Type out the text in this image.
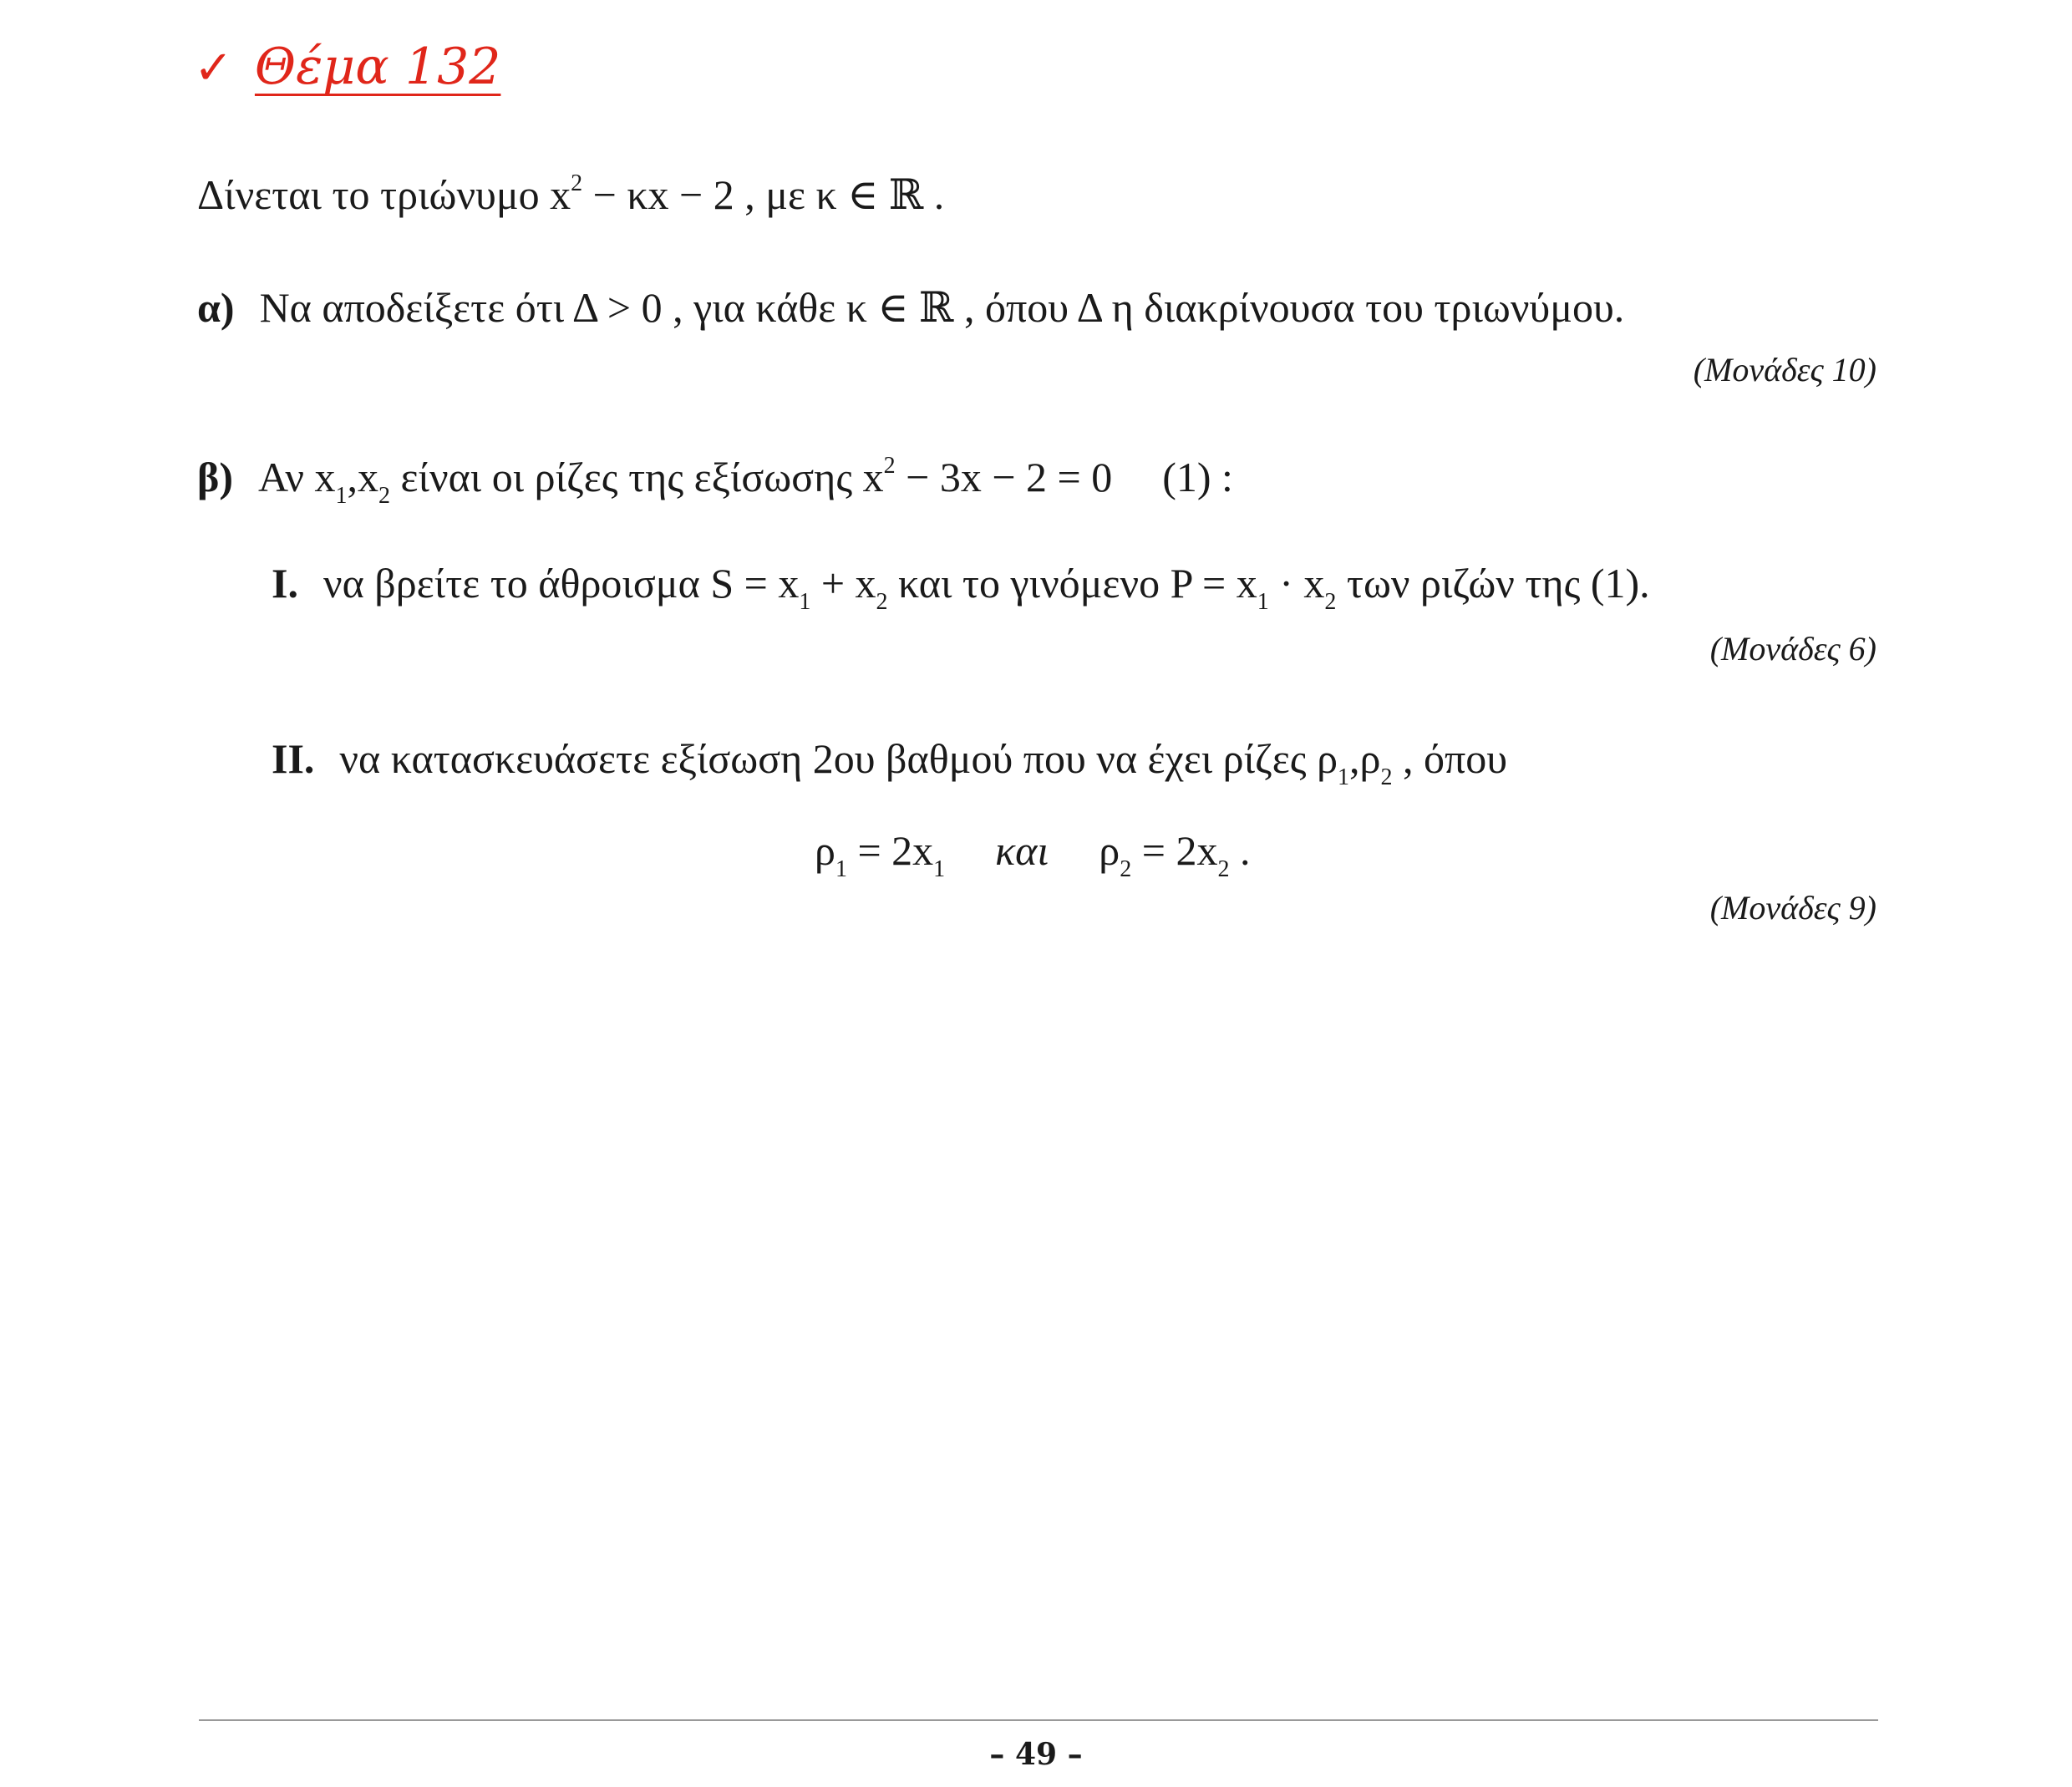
✓ Θέμα 132
Δίνεται το τριώνυμο $x^2 - \kappa x - 2$ , με κ ∈ ℝ .
α) Να αποδείξετε ότι Δ > 0 , για κάθε κ ∈ ℝ , όπου Δ η διακρίνουσα του τριωνύμου.
(Μονάδες 10)
β) Αν $x_1,x_2$ είναι οι ρίζες της εξίσωσης $x^2 - 3x - 2 = 0$ (1) :
I. να βρείτε το άθροισμα $S = x_1 + x_2$ και το γινόμενο $P = x_1 \cdot x_2$ των ριζών της (1).
(Μονάδες 6)
II. να κατασκευάσετε εξίσωση 2ου βαθμού που να έχει ρίζες $\rho_1,\rho_2$ , όπου
$\rho_1 = 2x_1$ και $\rho_2 = 2x_2$ .
(Μονάδες 9)
– 49 –
